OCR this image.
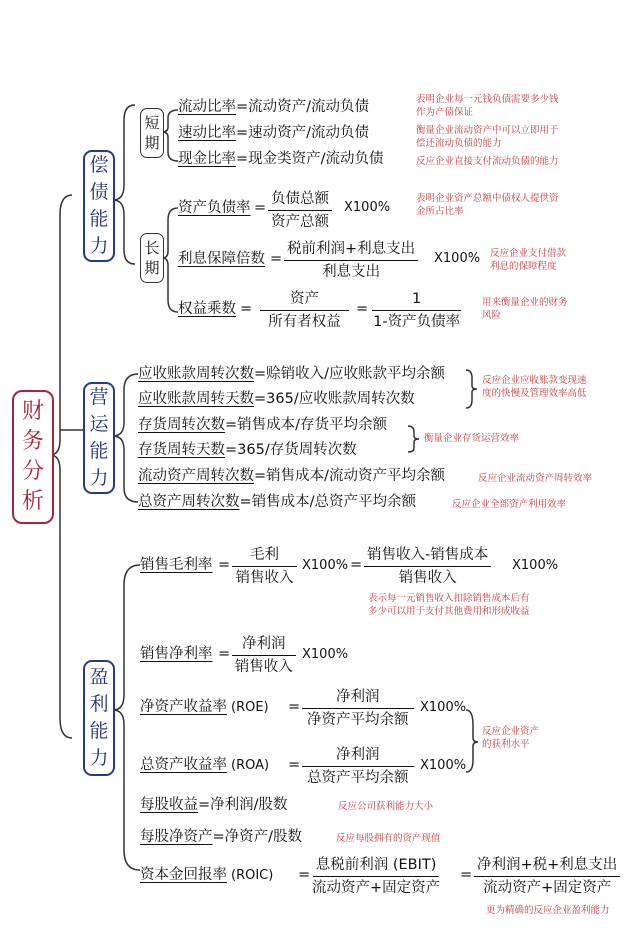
财
务
分
析
偿
债
能
力
营
运
能
力
盈
利
能
力
短
期
长
期
流动比率=流动资产/流动负债	表明企业每一元钱负债需要多少钱
作为产债保证
速动比率=速动资产/流动负债	衡量企业流动资产中可以立即用于
偿还流动负债的能力
现金比率=现金类资产/流动负债	反应企业直接支付流动负债的能力
资产负债率 =
负债总额
资产总额
X100%
表明企业资产总额中债权人提供资
金所占比率
利息保障倍数 =
税前利润+利息支出
利息支出
X100% 反应企业支付借款
利息的保障程度
权益乘数 =
资产
所有者权益
=
1
1-资产负债率
用来衡量企业的财务
风险
应收账款周转次数=赊销收入/应收账款平均余额
应收账款周转天数=365/应收账款周转次数
反应企业应收账款变现速
度的快慢及管理效率高低
存货周转次数=销售成本/存货平均余额
存货周转天数=365/存货周转次数
衡量企业存货运营效率
流动资产周转次数=销售成本/流动资产平均余额	反应企业流动资产周转效率
总资产周转次数=销售成本/总资产平均余额	反应企业全部资产利用效率
销售毛利率 =
毛利
销售收入
X100% =
销售收入-销售成本
销售收入
X100%
表示每一元销售收入扣除销售成本后有
多少可以用于支付其他费用和形成收益
销售净利率 =
净利润
销售收入
X100%
净资产收益率 (ROE) =
净利润
净资产平均余额
X100%
总资产收益率 (ROA) =
净利润
总资产平均余额
X100%
反应企业资产
的获利水平
每股收益=净利润/股数	反应公司获利能力大小
每股净资产=净资产/股数	反应每股拥有的资产现值
资本金回报率 (ROIC) =
息税前利润 (EBIT)
流动资产+固定资产
=
净利润+税+利息支出
流动资产+固定资产
更为精确的反应企业盈利能力
